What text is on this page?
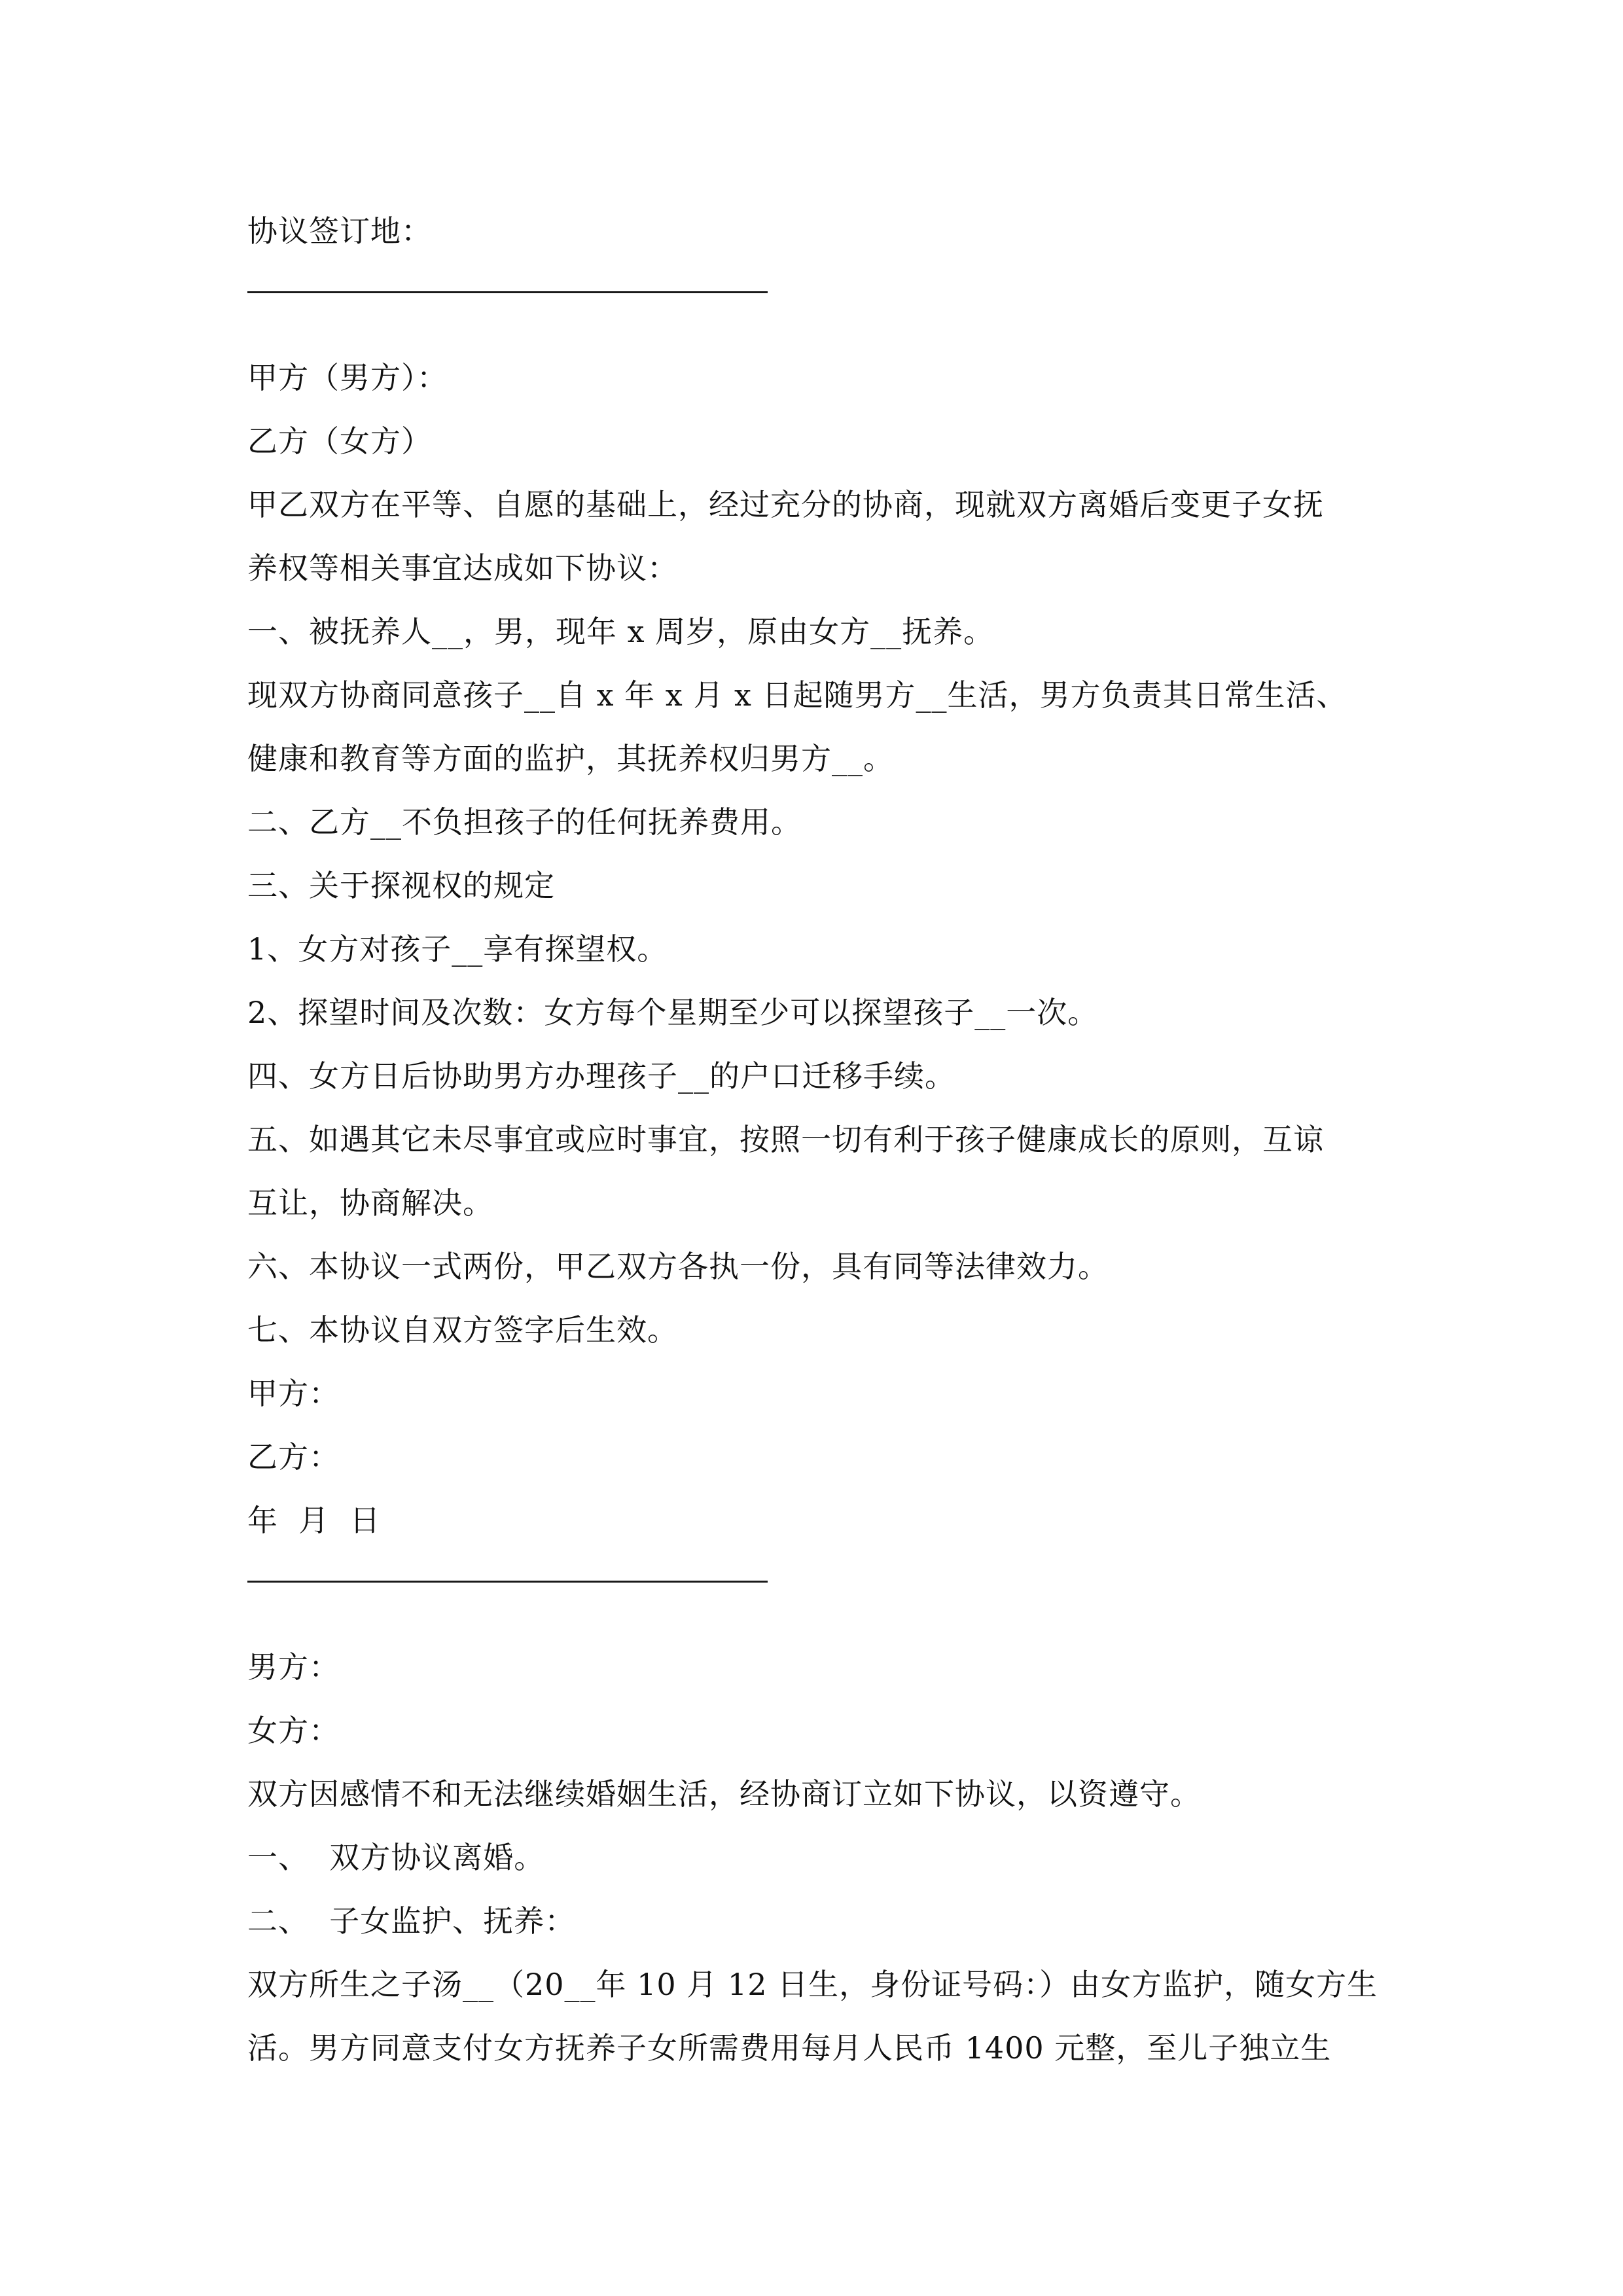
协议签订地：
甲方（男方）：
乙方（女方）
甲乙双方在平等、自愿的基础上，经过充分的协商，现就双方离婚后变更子女抚
养权等相关事宜达成如下协议：
一、被抚养人__，男，现年 x 周岁，原由女方__抚养。
现双方协商同意孩子__自 x 年 x 月 x 日起随男方__生活，男方负责其日常生活、
健康和教育等方面的监护，其抚养权归男方__。
二、乙方__不负担孩子的任何抚养费用。
三、关于探视权的规定
1、女方对孩子__享有探望权。
2、探望时间及次数：女方每个星期至少可以探望孩子__一次。
四、女方日后协助男方办理孩子__的户口迁移手续。
五、如遇其它未尽事宜或应时事宜，按照一切有利于孩子健康成长的原则，互谅
互让，协商解决。
六、本协议一式两份，甲乙双方各执一份，具有同等法律效力。
七、本协议自双方签字后生效。
甲方：
乙方：
年  月  日
男方：
女方：
双方因感情不和无法继续婚姻生活，经协商订立如下协议，以资遵守。
一、  双方协议离婚。
二、  子女监护、抚养：
双方所生之子汤__（20__年 10 月 12 日生，身份证号码：）由女方监护，随女方生
活。男方同意支付女方抚养子女所需费用每月人民币 1400 元整，至儿子独立生
